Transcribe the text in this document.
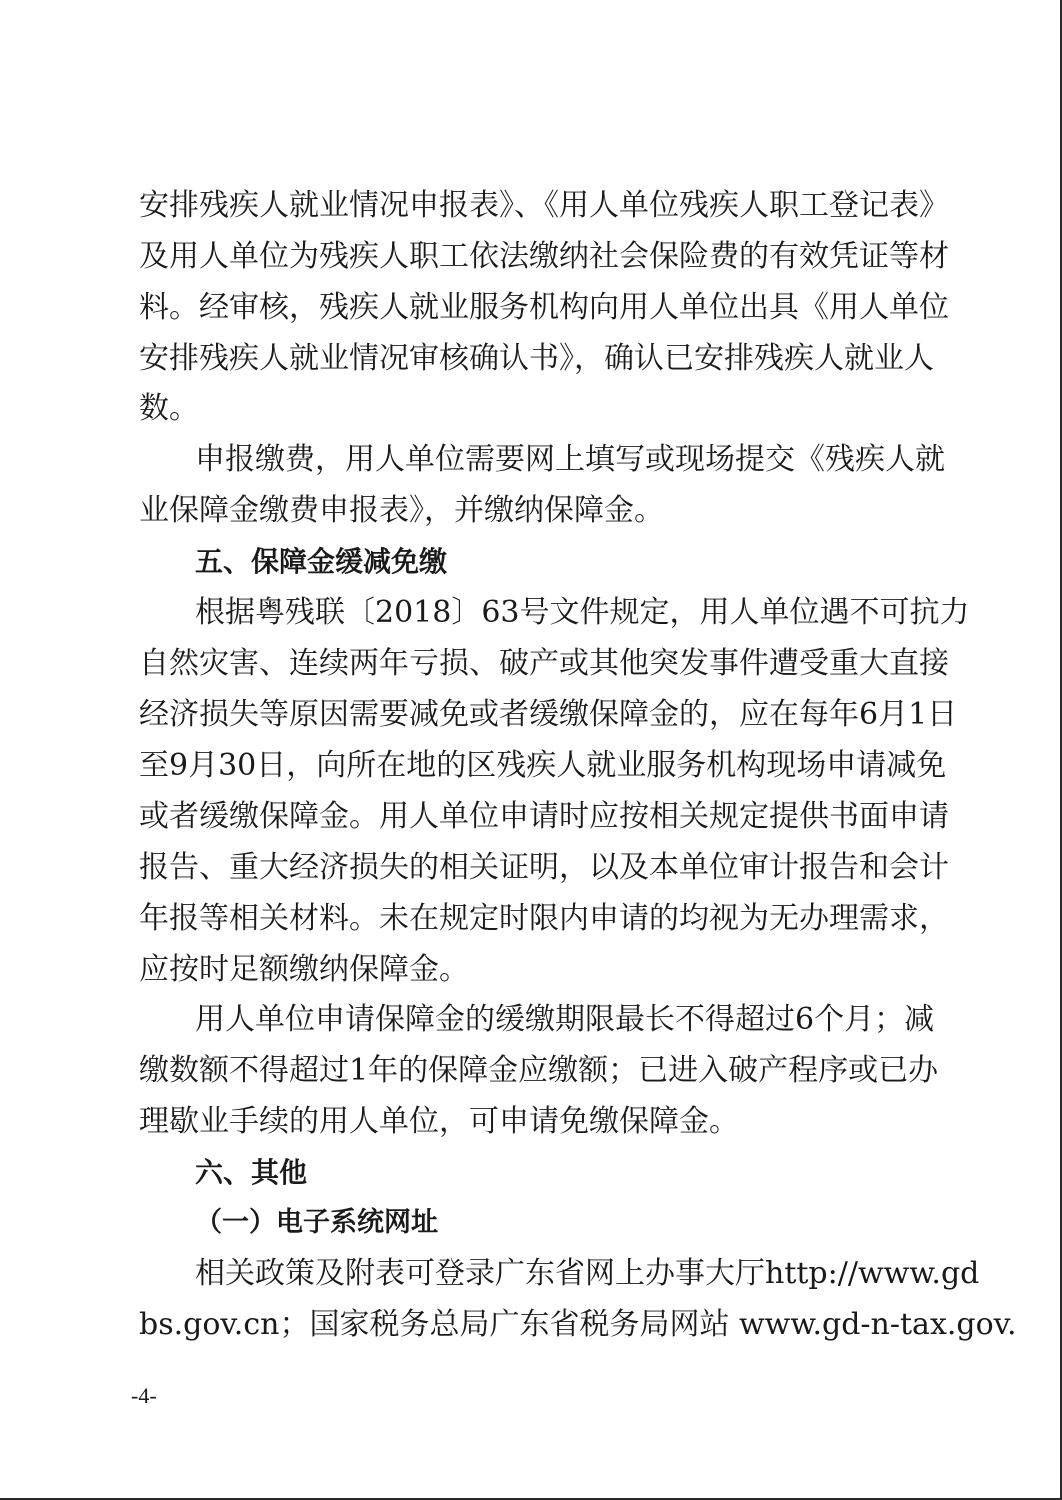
安排残疾人就业情况申报表》、《用人单位残疾人职工登记表》
及用人单位为残疾人职工依法缴纳社会保险费的有效凭证等材
料。经审核，残疾人就业服务机构向用人单位出具《用人单位
安排残疾人就业情况审核确认书》，确认已安排残疾人就业人
数。
申报缴费，用人单位需要网上填写或现场提交《残疾人就
业保障金缴费申报表》，并缴纳保障金。
五、保障金缓减免缴
根据粤残联〔2018〕63号文件规定，用人单位遇不可抗力
自然灾害、连续两年亏损、破产或其他突发事件遭受重大直接
经济损失等原因需要减免或者缓缴保障金的，应在每年6月1日
至9月30日，向所在地的区残疾人就业服务机构现场申请减免
或者缓缴保障金。用人单位申请时应按相关规定提供书面申请
报告、重大经济损失的相关证明，以及本单位审计报告和会计
年报等相关材料。未在规定时限内申请的均视为无办理需求，
应按时足额缴纳保障金。
用人单位申请保障金的缓缴期限最长不得超过6个月；减
缴数额不得超过1年的保障金应缴额；已进入破产程序或已办
理歇业手续的用人单位，可申请免缴保障金。
六、其他
（一）电子系统网址
相关政策及附表可登录广东省网上办事大厅http://www.gd
bs.gov.cn；国家税务总局广东省税务局网站 www.gd-n-tax.gov.
-4-
